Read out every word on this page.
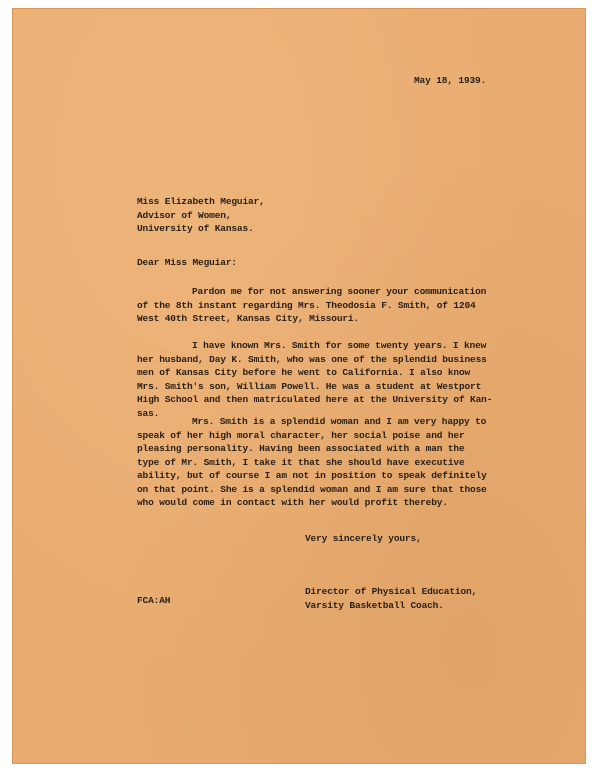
May 18, 1939.
Miss Elizabeth Meguiar,
Advisor of Women,
University of Kansas.
Dear Miss Meguiar:
Pardon me for not answering sooner your communication
of the 8th instant regarding Mrs. Theodosia F. Smith, of 1204
West 40th Street, Kansas City, Missouri.
I have known Mrs. Smith for some twenty years. I knew
her husband, Day K. Smith, who was one of the splendid business
men of Kansas City before he went to California. I also know
Mrs. Smith's son, William Powell. He was a student at Westport
High School and then matriculated here at the University of Kan-
sas.
Mrs. Smith is a splendid woman and I am very happy to
speak of her high moral character, her social poise and her
pleasing personality. Having been associated with a man the
type of Mr. Smith, I take it that she should have executive
ability, but of course I am not in position to speak definitely
on that point. She is a splendid woman and I am sure that those
who would come in contact with her would profit thereby.
Very sincerely yours,
FCA:AH
Director of Physical Education,
Varsity Basketball Coach.
